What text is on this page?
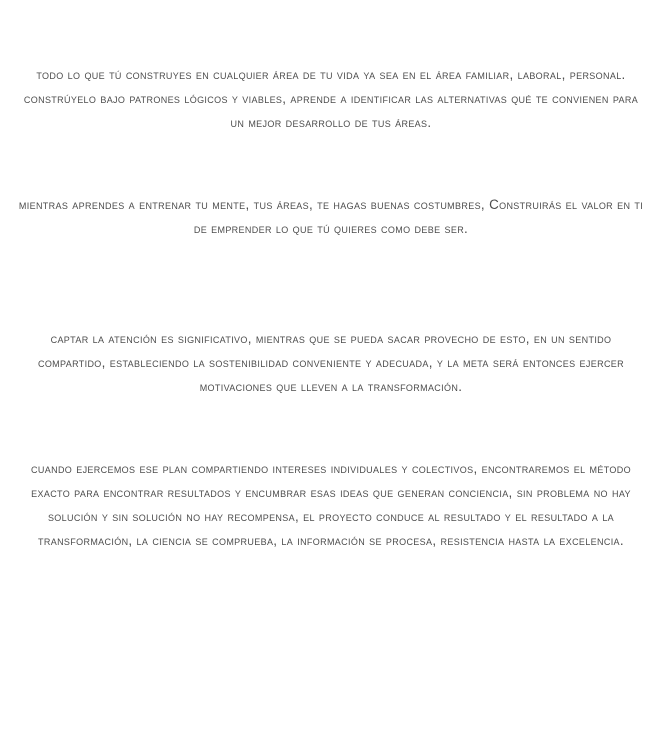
todo lo que tú construyes en cualquier área de tu vida ya sea en el área familiar, laboral, personal. constrúyelo bajo patrones lógicos y viables, aprende a identificar las alternativas qué te convienen para un mejor desarrollo de tus áreas.

mientras aprendes a entrenar tu mente, tus áreas, te hagas buenas costumbres, Construirás el valor en ti de emprender lo que tú quieres como debe ser.

captar la atención es significativo, mientras que se pueda sacar provecho de esto, en un sentido compartido, estableciendo la sostenibilidad conveniente y adecuada, y la meta será entonces ejercer motivaciones que lleven a la transformación.

cuando ejercemos ese plan compartiendo intereses individuales y colectivos, encontraremos el método exacto para encontrar resultados y encumbrar esas ideas que generan conciencia, sin problema no hay solución y sin solución no hay recompensa, el proyecto conduce al resultado y el resultado a la transformación, la ciencia se comprueba, la información se procesa, resistencia hasta la excelencia.
